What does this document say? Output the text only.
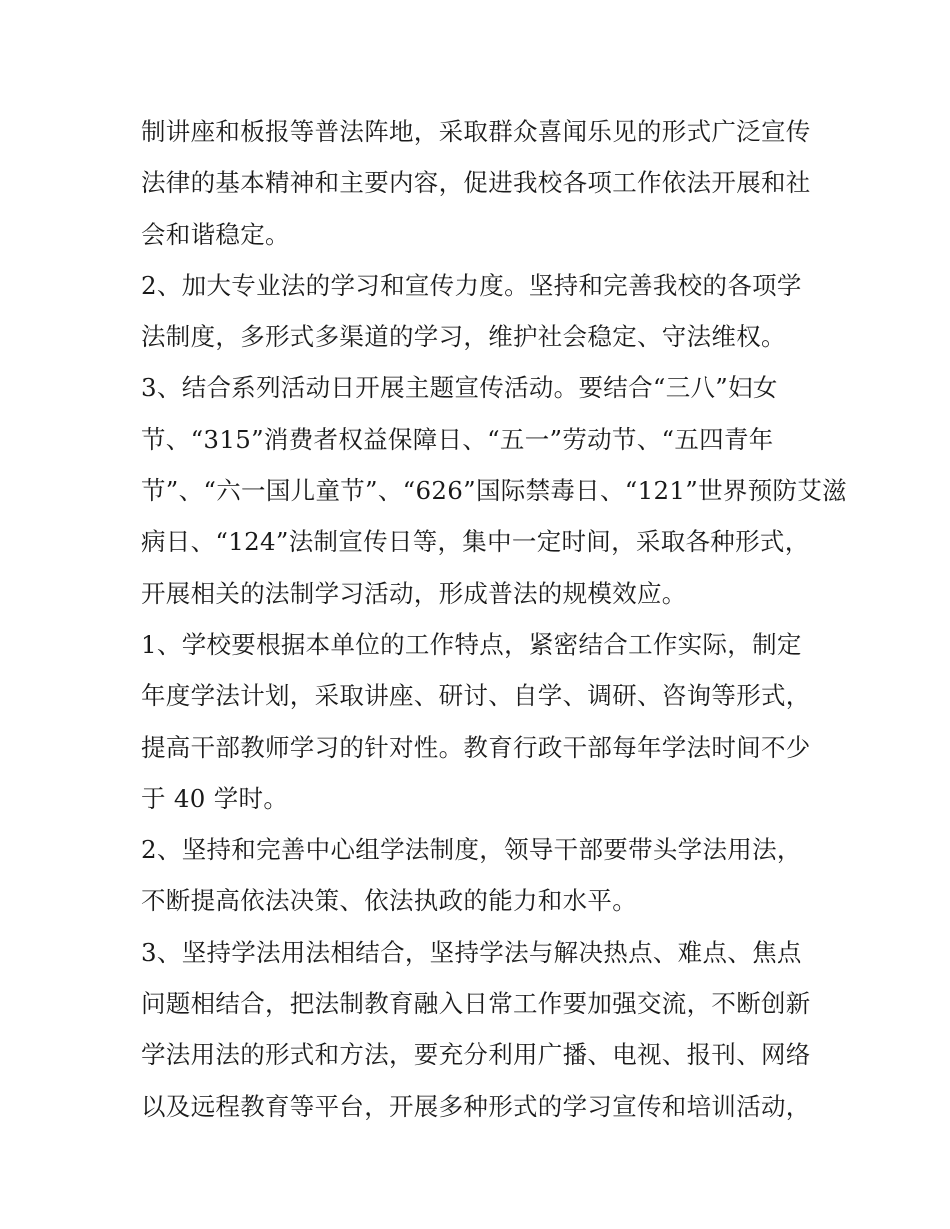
制讲座和板报等普法阵地，采取群众喜闻乐见的形式广泛宣传
法律的基本精神和主要内容，促进我校各项工作依法开展和社
会和谐稳定。
2、加大专业法的学习和宣传力度。坚持和完善我校的各项学
法制度，多形式多渠道的学习，维护社会稳定、守法维权。
3、结合系列活动日开展主题宣传活动。要结合“三八”妇女
节、“315”消费者权益保障日、“五一”劳动节、“五四青年
节”、“六一国儿童节”、“626”国际禁毒日、“121”世界预防艾滋
病日、“124”法制宣传日等，集中一定时间，采取各种形式，
开展相关的法制学习活动，形成普法的规模效应。
1、学校要根据本单位的工作特点，紧密结合工作实际，制定
年度学法计划，采取讲座、研讨、自学、调研、咨询等形式，
提高干部教师学习的针对性。教育行政干部每年学法时间不少
于 40 学时。
2、坚持和完善中心组学法制度，领导干部要带头学法用法，
不断提高依法决策、依法执政的能力和水平。
3、坚持学法用法相结合，坚持学法与解决热点、难点、焦点
问题相结合，把法制教育融入日常工作要加强交流，不断创新
学法用法的形式和方法，要充分利用广播、电视、报刊、网络
以及远程教育等平台，开展多种形式的学习宣传和培训活动，
